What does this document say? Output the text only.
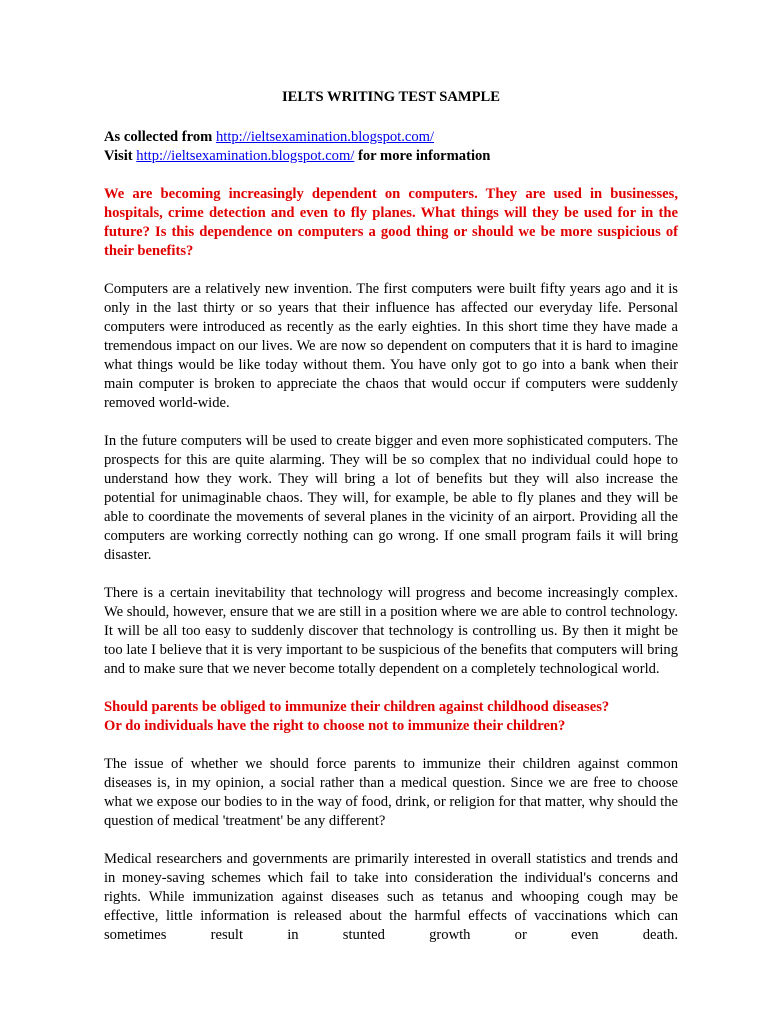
IELTS WRITING TEST SAMPLE
As collected from http://ieltsexamination.blogspot.com/
Visit http://ieltsexamination.blogspot.com/ for more information
We are becoming increasingly dependent on computers. They are used in businesses, hospitals, crime detection and even to fly planes. What things will they be used for in the future? Is this dependence on computers a good thing or should we be more suspicious of their benefits?
Computers are a relatively new invention. The first computers were built fifty years ago and it is only in the last thirty or so years that their influence has affected our everyday life. Personal computers were introduced as recently as the early eighties. In this short time they have made a tremendous impact on our lives. We are now so dependent on computers that it is hard to imagine what things would be like today without them. You have only got to go into a bank when their main computer is broken to appreciate the chaos that would occur if computers were suddenly removed world-wide.
In the future computers will be used to create bigger and even more sophisticated computers. The prospects for this are quite alarming. They will be so complex that no individual could hope to understand how they work. They will bring a lot of benefits but they will also increase the potential for unimaginable chaos. They will, for example, be able to fly planes and they will be able to coordinate the movements of several planes in the vicinity of an airport. Providing all the computers are working correctly nothing can go wrong. If one small program fails it will bring disaster.
There is a certain inevitability that technology will progress and become increasingly complex. We should, however, ensure that we are still in a position where we are able to control technology. It will be all too easy to suddenly discover that technology is controlling us. By then it might be too late I believe that it is very important to be suspicious of the benefits that computers will bring and to make sure that we never become totally dependent on a completely technological world.
Should parents be obliged to immunize their children against childhood diseases?
Or do individuals have the right to choose not to immunize their children?
The issue of whether we should force parents to immunize their children against common diseases is, in my opinion, a social rather than a medical question. Since we are free to choose what we expose our bodies to in the way of food, drink, or religion for that matter, why should the question of medical 'treatment' be any different?
Medical researchers and governments are primarily interested in overall statistics and trends and in money-saving schemes which fail to take into consideration the individual's concerns and rights. While immunization against diseases such as tetanus and whooping cough may be effective, little information is released about the harmful effects of vaccinations which can sometimes result in stunted growth or even death.
